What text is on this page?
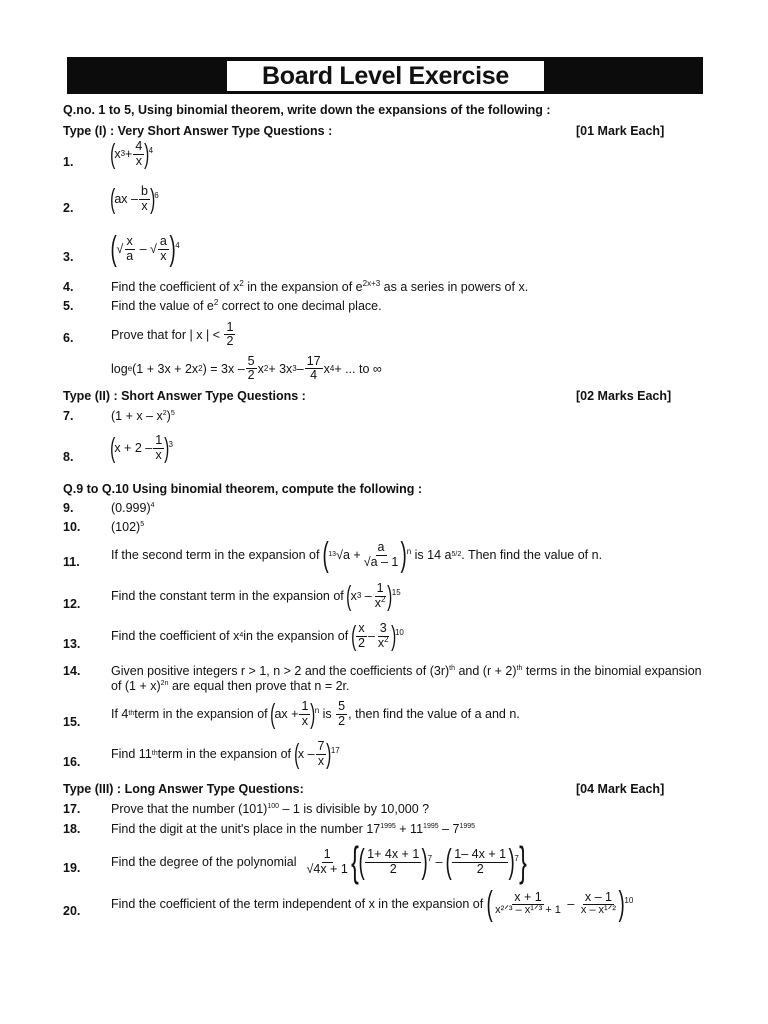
Board Level Exercise
Q.no. 1 to 5, Using binomial theorem, write down the expansions of the following :
Type (I) : Very Short Answer Type Questions :	[01 Mark Each]
1. ( x $3 + \frac{4}{x}$ ) 4
2. ( ax – $\frac{b}{x}$ ) 6
3. ( √ $\frac{x}{a}$ – √ $\frac{a}{x}$ ) 4
4.	Find the coefficient of $x^2$ in the expansion of $e^{2x+3}$ as a series in powers of x.
5.	Find the value of $e^2$ correct to one decimal place.
6.	Prove that for | x | <
$\frac{1}{2}$
log e (1 + 3x + 2x 2 ) = $3x - \frac{5}{2}$ x 2 + 3x $3 - \frac{17}{4}$ x 4 + ... to ∞
Type (II) : Short Answer Type Questions :	[02 Marks Each]
7.	$(1 + x - x^2)^5$
8. ( $x + 2 - \frac{1}{x}$ ) 3
Q.9 to Q.10 Using binomial theorem, compute the following :
9.	$(0.999)^4$
10. $(102)^5$
11.	If the second term in the expansion of
( 13 √ $a + \frac{a}{√a - 1}$ ) n
is 14 a 5/2 . Then find the value of n.
12.
Find the constant term in the expansion of
( x $3 - \frac{1}{x^2}$ ) 15
13.
Find the coefficient of x 4 in the expansion of
( $\frac{x}{2} - \frac{3}{x^2}$ ) 10
14. Given positive integers r > 1, n > 2 and the coefficients of $(3r)^{th}$ and $(r + 2)^{th}$ terms in the binomial expansion
of $(1 + x)^{2n}$ are equal then prove that n = 2r.
15.
If 4 th term in the expansion of
( ax + $\frac{1}{x}$ ) n
is
$\frac{5}{2}$ , then find the value of a and n.
16.
Find 11 th term in the expansion of
( x – $\frac{7}{x}$ ) 17
Type (III) : Long Answer Type Questions:	[04 Mark Each]
17. Prove that the number $(101)^{100} - 1$ is divisible by 10,000 ?
18. Find the digit at the unit's place in the number $17^{1995} + 11^{1995} - 7^{1995}$
19. Find the degree of the polynomial
$\frac{1}{√4x + 1}$ { ( $\frac{1+ 4x + 1}{2}$ ) 7 – ( $\frac{1- 4x + 1}{2}$ ) 7 }
20. Find the coefficient of the term independent of x in the expansion of
( $\frac{x + 1}{\text{x²ᐟ³ – x¹ᐟ³ + 1}} - \frac{x - 1}{\text{x – x¹ᐟ²}}$ ) 10
